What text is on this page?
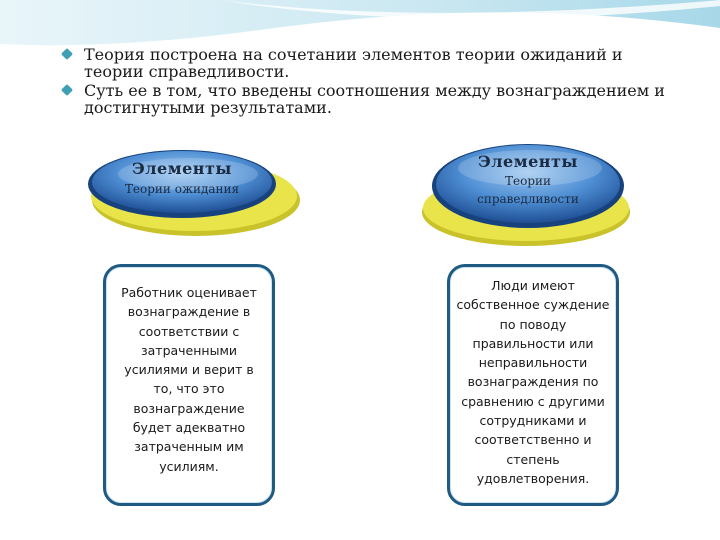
Теория построена на сочетании элементов теории ожиданий и
теории справедливости.
Суть ее в том, что введены соотношения между вознаграждением и
достигнутыми результатами.
Элементы
Теории ожидания
Элементы
Теории
справедливости
Работник оценивает
вознаграждение в
соответствии с
затраченными
усилиями и верит в
то, что это
вознаграждение
будет адекватно
затраченным им
усилиям.
Люди имеют
собственное суждение
по поводу
правильности или
неправильности
вознаграждения по
сравнению с другими
сотрудниками и
соответственно и
степень
удовлетворения.
